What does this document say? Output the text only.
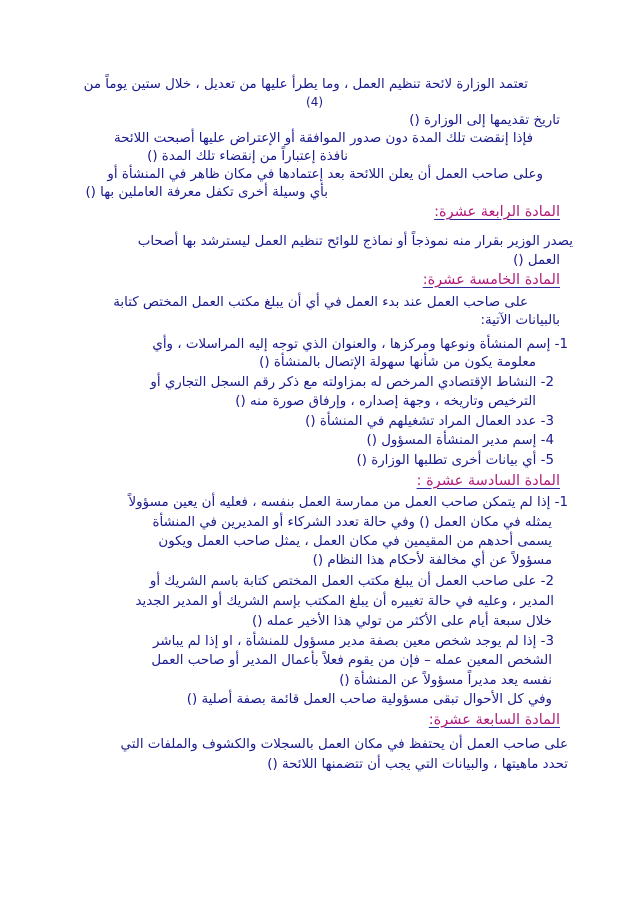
(4)
تعتمد الوزارة لائحة تنظيم العمل ، وما يطرأ عليها من تعديل ، خلال ستين يوماً من
تاريخ تقديمها إلى الوزارة ()
فإذا إنقضت تلك المدة دون صدور الموافقة أو الإعتراض عليها أصبحت اللائحة
نافذة إعتباراً من إنقضاء تلك المدة ()
وعلى صاحب العمل أن يعلن اللائحة بعد إعتمادها في مكان ظاهر في المنشأة أو
بأي وسيلة أخرى تكفل معرفة العاملين بها ()
المادة الرابعة عشرة:
يصدر الوزير بقرار منه نموذجاً أو نماذج للوائح تنظيم العمل ليسترشد بها أصحاب
العمل ()
المادة الخامسة عشرة:
على صاحب العمل عند بدء العمل في أي أن يبلغ مكتب العمل المختص كتابة
بالبيانات الآتية:
1- إسم المنشأة ونوعها ومركزها ، والعنوان الذي توجه إليه المراسلات ، وأي
معلومة يكون من شأنها سهولة الإتصال بالمنشأة ()
2- النشاط الإقتصادي المرخص له بمزاولته مع ذكر رقم السجل التجاري أو
الترخيص وتاريخه ، وجهة إصداره ، وإرفاق صورة منه ()
3- عدد العمال المراد تشغيلهم في المنشأة ()
4- إسم مدير المنشأة المسؤول ()
5- أي بيانات أخرى تطلبها الوزارة ()
المادة السادسة عشرة :
1- إذا لم يتمكن صاحب العمل من ممارسة العمل بنفسه ، فعليه أن يعين مسؤولاً
يمثله في مكان العمل () وفي حالة تعدد الشركاء أو المديرين في المنشأة
يسمى أحدهم من المقيمين في مكان العمل ، يمثل صاحب العمل ويكون
مسؤولاً عن أي مخالفة لأحكام هذا النظام ()
2- على صاحب العمل أن يبلغ مكتب العمل المختص كتابة باسم الشريك أو
المدير ، وعليه في حالة تغييره أن يبلغ المكتب بإسم الشريك أو المدير الجديد
خلال سبعة أيام على الأكثر من تولي هذا الأخير عمله ()
3- إذا لم يوجد شخص معين بصفة مدير مسؤول للمنشأة ، او إذا لم يباشر
الشخص المعين عمله – فإن من يقوم فعلاً بأعمال المدير أو صاحب العمل
نفسه يعد مديراً مسؤولاً عن المنشأة ()
وفي كل الأحوال تبقى مسؤولية صاحب العمل قائمة بصفة أصلية ()
المادة السابعة عشرة:
على صاحب العمل أن يحتفظ في مكان العمل بالسجلات والكشوف والملفات التي
تحدد ماهيتها ، والبيانات التي يجب أن تتضمنها اللائحة ()
